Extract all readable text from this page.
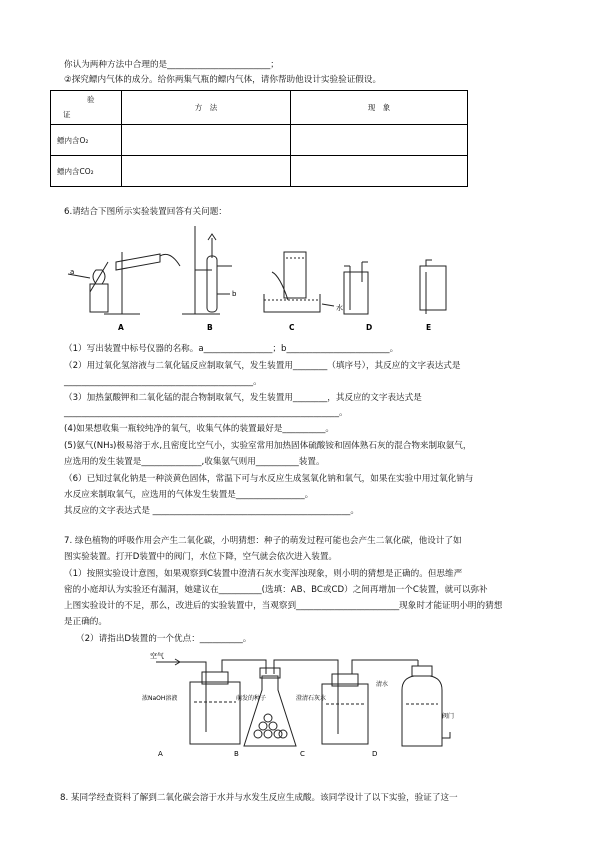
你认为两种方法中合理的是________________________；
②探究鳔内气体的成分。给你两集气瓶的鳔内气体，请你帮助他设计实验验证假设。
验
证	方　法	现　象
鳔内含O₂		
鳔内含CO₂		
6.请结合下图所示实验装置回答有关问题：
a
b
水
A	B	C	D	E
（1）写出装置中标号仪器的名称。a________________；b________________________。
（2）用过氧化氢溶液与二氧化锰反应制取氧气，发生装置用________（填序号），其反应的文字表达式是
____________________________________________。
（3）加热氯酸钾和二氧化锰的混合物制取氧气，发生装置用________，其反应的文字表达式是
________________________________________________________________。
(4)如果想收集一瓶较纯净的氧气，收集气体的装置最好是__________。
(5)氨气(NH₃)极易溶于水,且密度比空气小，实验室常用加热固体硫酸铵和固体熟石灰的混合物来制取氨气，
应选用的发生装置是______________,收集氨气则用__________装置。
（6）已知过氧化钠是一种淡黄色固体，常温下可与水反应生成氢氧化钠和氧气，如果在实验中用过氧化钠与
水反应来制取氧气，应选用的气体发生装置是________________。
其反应的文字表达式是 ______________________________________________。
7. 绿色植物的呼吸作用会产生二氧化碳，小明猜想：种子的萌发过程可能也会产生二氧化碳，他设计了如
图实验装置。打开D装置中的阀门，水位下降，空气就会依次进入装置。
（1）按照实验设计意图，如果观察到C装置中澄清石灰水变浑浊现象，则小明的猜想是正确的。但思维严
密的小庭却认为实验还有漏洞，她建议在__________(选填：AB、BC或CD）之间再增加一个C装置，就可以弥补
上图实验设计的不足，那么，改进后的实验装置中，当观察到________________________现象时才能证明小明的猜想
是正确的。
（2）请指出D装置的一个优点：__________。
空气
浓NaOH溶液	萌发的种子	澄清石灰水
清水
阀门
A	B	C	D
8. 某同学经查资料了解到二氧化碳会溶于水并与水发生反应生成酸。该同学设计了以下实验，验证了这一
